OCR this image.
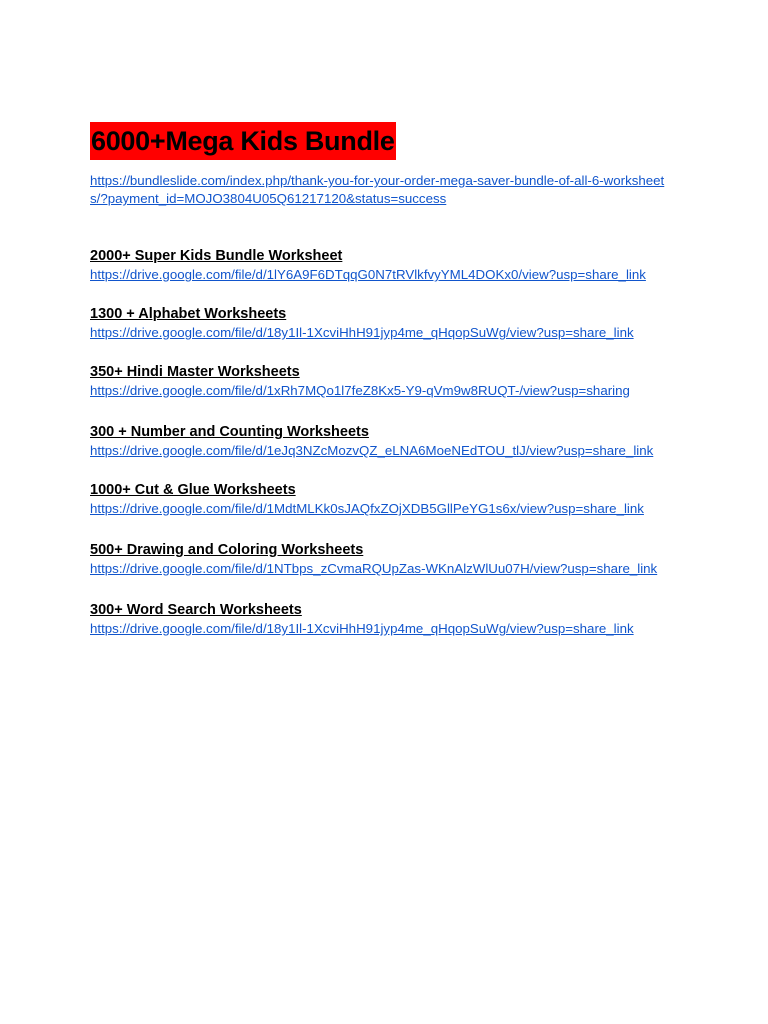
6000+Mega Kids Bundle
https://bundleslide.com/index.php/thank-you-for-your-order-mega-saver-bundle-of-all-6-worksheets/?payment_id=MOJO3804U05Q61217120&status=success
2000+ Super Kids Bundle Worksheet
https://drive.google.com/file/d/1lY6A9F6DTqqG0N7tRVlkfvyYML4DOKx0/view?usp=share_link
1300 + Alphabet Worksheets
https://drive.google.com/file/d/18y1Il-1XcviHhH91jyp4me_qHqopSuWg/view?usp=share_link
350+ Hindi Master Worksheets
https://drive.google.com/file/d/1xRh7MQo1l7feZ8Kx5-Y9-qVm9w8RUQT-/view?usp=sharing
300 + Number and Counting Worksheets
https://drive.google.com/file/d/1eJq3NZcMozvQZ_eLNA6MoeNEdTOU_tlJ/view?usp=share_link
1000+ Cut & Glue Worksheets
https://drive.google.com/file/d/1MdtMLKk0sJAQfxZOjXDB5GllPeYG1s6x/view?usp=share_link
500+ Drawing and Coloring Worksheets
https://drive.google.com/file/d/1NTbps_zCvmaRQUpZas-WKnAlzWlUu07H/view?usp=share_link
300+ Word Search Worksheets
https://drive.google.com/file/d/18y1Il-1XcviHhH91jyp4me_qHqopSuWg/view?usp=share_link
